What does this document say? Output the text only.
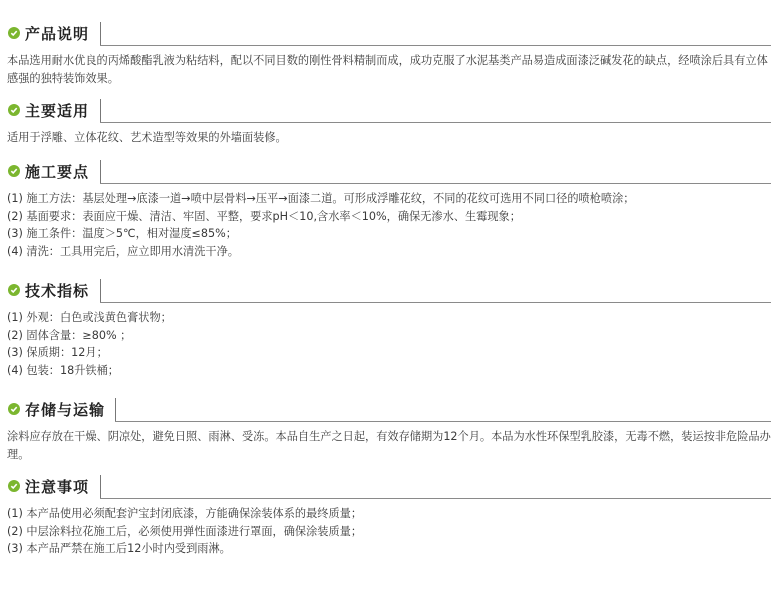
产品说明
本品选用耐水优良的丙烯酸酯乳液为粘结料，配以不同目数的刚性骨料精制而成，成功克服了水泥基类产品易造成面漆泛碱发花的缺点，经喷涂后具有立体感强的独特装饰效果。
主要适用
适用于浮雕、立体花纹、艺术造型等效果的外墙面装修。
施工要点
(1) 施工方法：基层处理→底漆一道→喷中层骨料→压平→面漆二道。可形成浮雕花纹，不同的花纹可选用不同口径的喷枪喷涂；
(2) 基面要求：表面应干燥、清洁、牢固、平整，要求pH＜10,含水率＜10%，确保无渗水、生霉现象；
(3) 施工条件：温度＞5℃，相对湿度≤85%；
(4) 清洗：工具用完后，应立即用水清洗干净。
技术指标
(1) 外观：白色或浅黄色膏状物；
(2) 固体含量：≥80% ；
(3) 保质期：12月；
(4) 包装：18升铁桶；
存储与运输
涂料应存放在干燥、阴凉处，避免日照、雨淋、受冻。本品自生产之日起，有效存储期为12个月。本品为水性环保型乳胶漆，无毒不燃，装运按非危险品办理。
注意事项
(1) 本产品使用必须配套沪宝封闭底漆，方能确保涂装体系的最终质量；
(2) 中层涂料拉花施工后，必须使用弹性面漆进行罩面，确保涂装质量；
(3) 本产品严禁在施工后12小时内受到雨淋。
